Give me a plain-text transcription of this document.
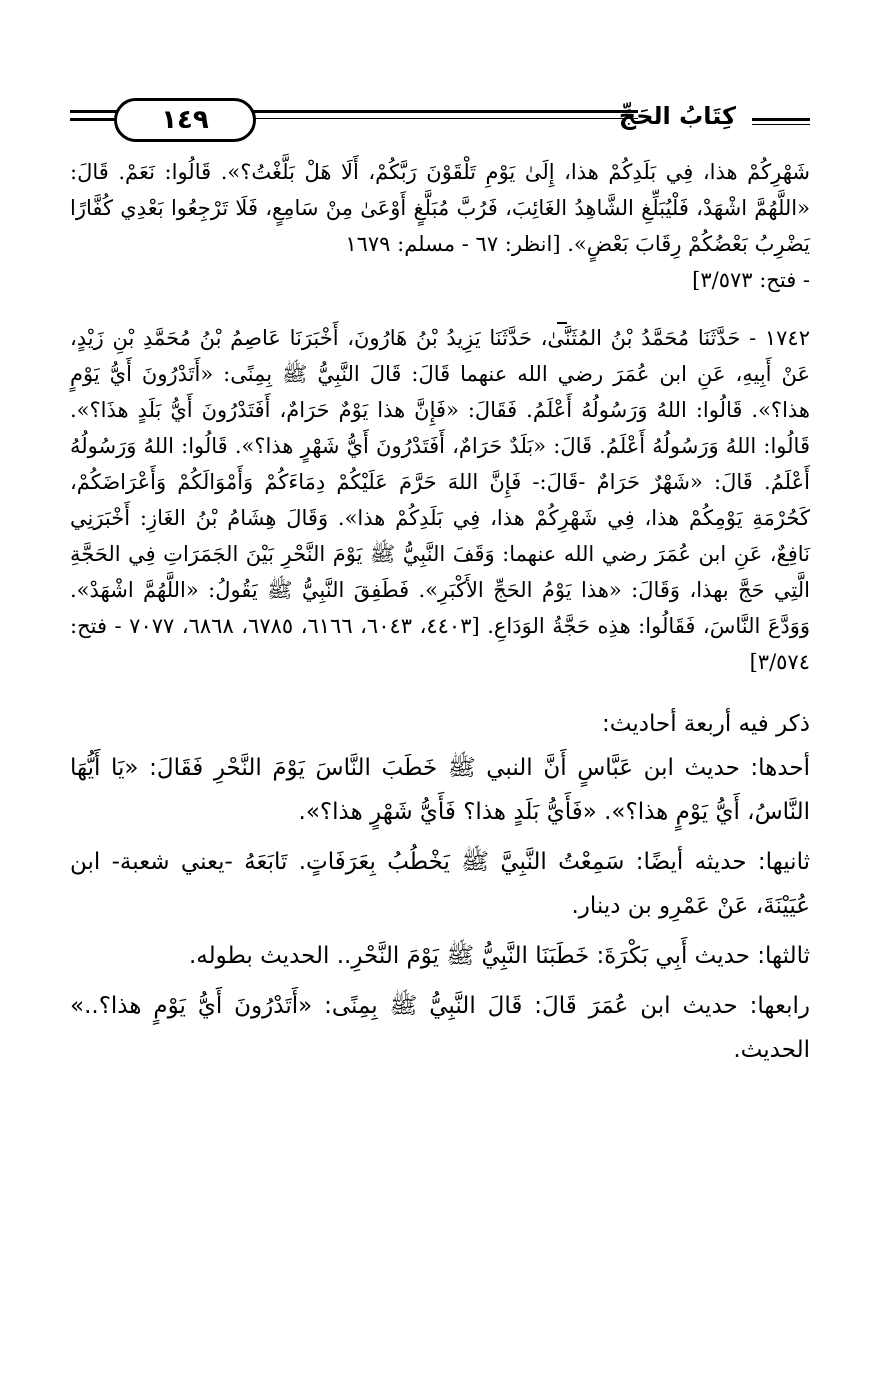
١٤٩	كِتَابُ الحَجِّ

شَهْرِكُمْ هذا، فِي بَلَدِكُمْ هذا، إِلَىٰ يَوْمِ تَلْقَوْنَ رَبَّكُمْ، أَلَا هَلْ بَلَّغْتُ؟». قَالُوا: نَعَمْ. قَالَ: «اللَّهُمَّ اشْهَدْ، فَلْيُبَلِّغِ الشَّاهِدُ الغَائِبَ، فَرُبَّ مُبَلَّغٍ أَوْعَىٰ مِنْ سَامِعٍ، فَلَا تَرْجِعُوا بَعْدِي كُفَّارًا يَضْرِبُ بَعْضُكُمْ رِقَابَ بَعْضٍ». [انظر: ٦٧ - مسلم: ١٦٧٩

- فتح: ٣/٥٧٣]

١٧٤٢ - حَدَّثَنَا مُحَمَّدُ بْنُ المُثَنَّىٰ، حَدَّثَنَا يَزِيدُ بْنُ هَارُونَ، أَخْبَرَنَا عَاصِمُ بْنُ مُحَمَّدِ بْنِ زَيْدٍ، عَنْ أَبِيهِ، عَنِ ابن عُمَرَ رضي الله عنهما قَالَ: قَالَ النَّبِيُّ ﷺ بِمِنًى: «أَتَدْرُونَ أَيُّ يَوْمٍ هذا؟». قَالُوا: اللهُ وَرَسُولُهُ أَعْلَمُ. فَقَالَ: «فَإِنَّ هذا يَوْمٌ حَرَامٌ، أَفَتَدْرُونَ أَيُّ بَلَدٍ هذَا؟». قَالُوا: اللهُ وَرَسُولُهُ أَعْلَمُ. قَالَ: «بَلَدٌ حَرَامٌ، أَفَتَدْرُونَ أَيُّ شَهْرٍ هذا؟». قَالُوا: اللهُ وَرَسُولُهُ أَعْلَمُ. قَالَ: «شَهْرٌ حَرَامٌ -قَالَ:- فَإِنَّ اللهَ حَرَّمَ عَلَيْكُمْ دِمَاءَكُمْ وَأَمْوَالَكُمْ وَأَعْرَاضَكُمْ، كَحُرْمَةِ يَوْمِكُمْ هذا، فِي شَهْرِكُمْ هذا، فِي بَلَدِكُمْ هذا». وَقَالَ هِشَامُ بْنُ الغَازِ: أَخْبَرَنِي نَافِعٌ، عَنِ ابن عُمَرَ رضي الله عنهما: وَقَفَ النَّبِيُّ ﷺ يَوْمَ النَّحْرِ بَيْنَ الجَمَرَاتِ فِي الحَجَّةِ الَّتِي حَجَّ بهذا، وَقَالَ: «هذا يَوْمُ الحَجِّ الأَكْبَرِ». فَطَفِقَ النَّبِيُّ ﷺ يَقُولُ: «اللَّهُمَّ اشْهَدْ». وَوَدَّعَ النَّاسَ، فَقَالُوا: هذِه حَجَّةُ الوَدَاعِ. [٤٤٠٣، ٦٠٤٣، ٦١٦٦، ٦٧٨٥، ٦٨٦٨، ٧٠٧٧ - فتح: ٣/٥٧٤]

ذكر فيه أربعة أحاديث:

أحدها: حديث ابن عَبَّاسٍ أَنَّ النبي ﷺ خَطَبَ النَّاسَ يَوْمَ النَّحْرِ فَقَالَ: «يَا أَيُّهَا النَّاسُ، أَيُّ يَوْمٍ هذا؟». «فَأَيُّ بَلَدٍ هذا؟ فَأَيُّ شَهْرٍ هذا؟».

ثانيها: حديثه أيضًا: سَمِعْتُ النَّبِيَّ ﷺ يَخْطُبُ بِعَرَفَاتٍ. تَابَعَهُ -يعني شعبة- ابن عُيَيْنَةَ، عَنْ عَمْرِو بن دينار.

ثالثها: حديث أَبِي بَكْرَةَ: خَطَبَنَا النَّبِيُّ ﷺ يَوْمَ النَّحْرِ.. الحديث بطوله.

رابعها: حديث ابن عُمَرَ قَالَ: قَالَ النَّبِيُّ ﷺ بِمِنًى: «أَتَدْرُونَ أَيُّ يَوْمٍ هذا؟..» الحديث.
